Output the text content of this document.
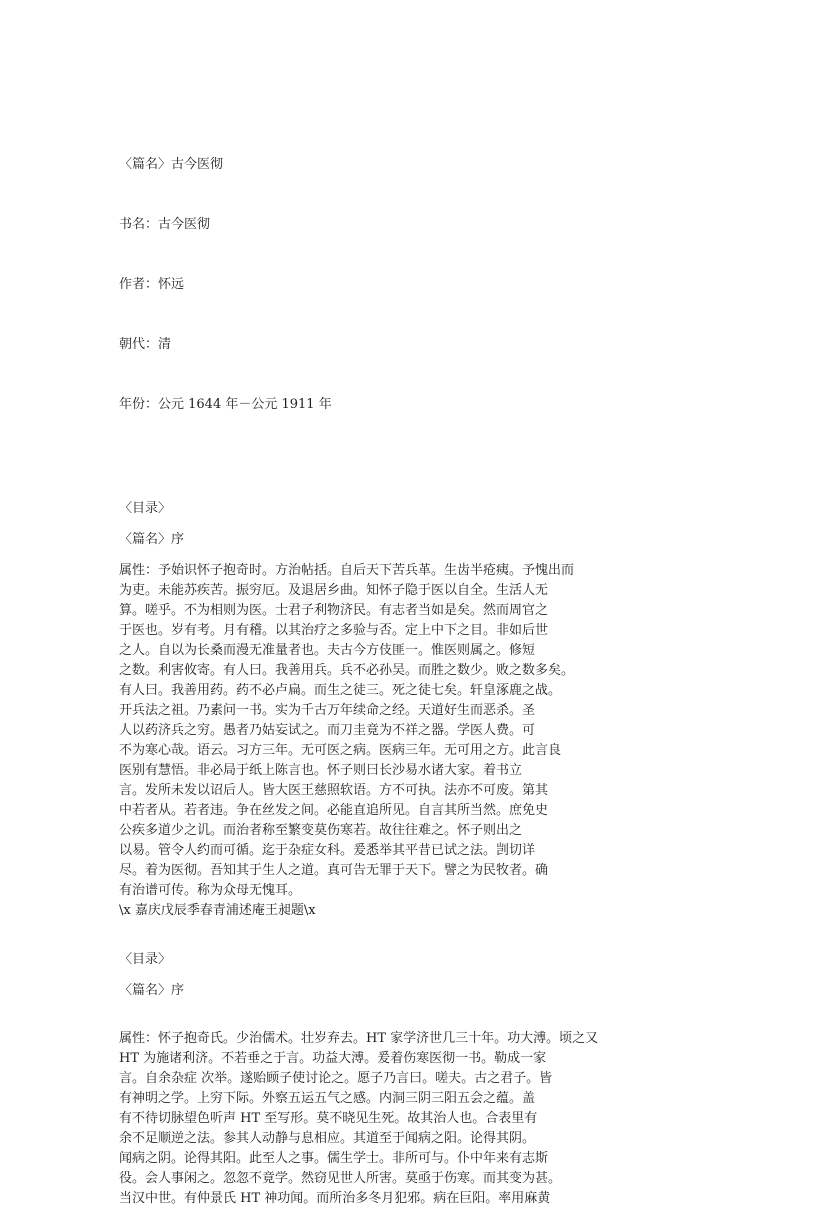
〈篇名〉古今医彻

书名：古今医彻

作者：怀远

朝代：清

年份：公元 1644 年－公元 1911 年

〈目录〉
〈篇名〉序
属性：予始识怀子抱奇时。方治帖括。自后天下苦兵革。生齿半疮痍。予愧出而
为吏。未能苏疾苦。振穷厄。及退居乡曲。知怀子隐于医以自全。生活人无
算。嗟乎。不为相则为医。士君子利物济民。有志者当如是矣。然而周官之
于医也。岁有考。月有稽。以其治疗之多验与否。定上中下之目。非如后世
之人。自以为长桑而漫无准量者也。夫古今方伎匪一。惟医则属之。修短
之数。利害攸寄。有人曰。我善用兵。兵不必孙吴。而胜之数少。败之数多矣。
有人曰。我善用药。药不必卢扁。而生之徒三。死之徒七矣。轩皇涿鹿之战。
开兵法之祖。乃素问一书。实为千古万年续命之经。天道好生而恶杀。圣
人以药济兵之穷。愚者乃姑妄试之。而刀圭竟为不祥之器。学医人费。可
不为寒心哉。语云。习方三年。无可医之病。医病三年。无可用之方。此言良
医别有慧悟。非必局于纸上陈言也。怀子则曰长沙易水诸大家。着书立
言。发所未发以诏后人。皆大医王慈照软语。方不可执。法亦不可废。第其
中若者从。若者违。争在丝发之间。必能直追所见。自言其所当然。庶免史
公疾多道少之讥。而治者称至繁变莫伤寒若。故往往难之。怀子则出之
以易。管令人约而可循。迄于杂症女科。爰悉举其平昔已试之法。剀切详
尽。着为医彻。吾知其于生人之道。真可告无罪于天下。譬之为民牧者。确
有治谱可传。称为众母无愧耳。
\x 嘉庆戊辰季春青浦述庵王昶题\x
〈目录〉
〈篇名〉序
属性：怀子抱奇氏。少治儒术。壮岁弃去。HT 家学济世几三十年。功大溥。顷之又
HT 为施诸利济。不若垂之于言。功益大溥。爰着伤寒医彻一书。勒成一家
言。自余杂症 次举。遂贻顾子使讨论之。愿子乃言曰。嗟夫。古之君子。皆
有神明之学。上穷下际。外察五运五气之感。内洞三阴三阳五会之蕴。盖
有不待切脉望色听声 HT 至写形。莫不晓见生死。故其治人也。合表里有
余不足顺逆之法。参其人动静与息相应。其道至于闻病之阳。论得其阴。
闻病之阴。论得其阳。此至人之事。儒生学士。非所可与。仆中年来有志斯
役。会人事闲之。忽忽不竟学。然窃见世人所害。莫亟于伤寒。而其变为甚。
当汉中世。有仲景氏 HT 神功闻。而所治多冬月犯邪。病在巨阳。率用麻黄
